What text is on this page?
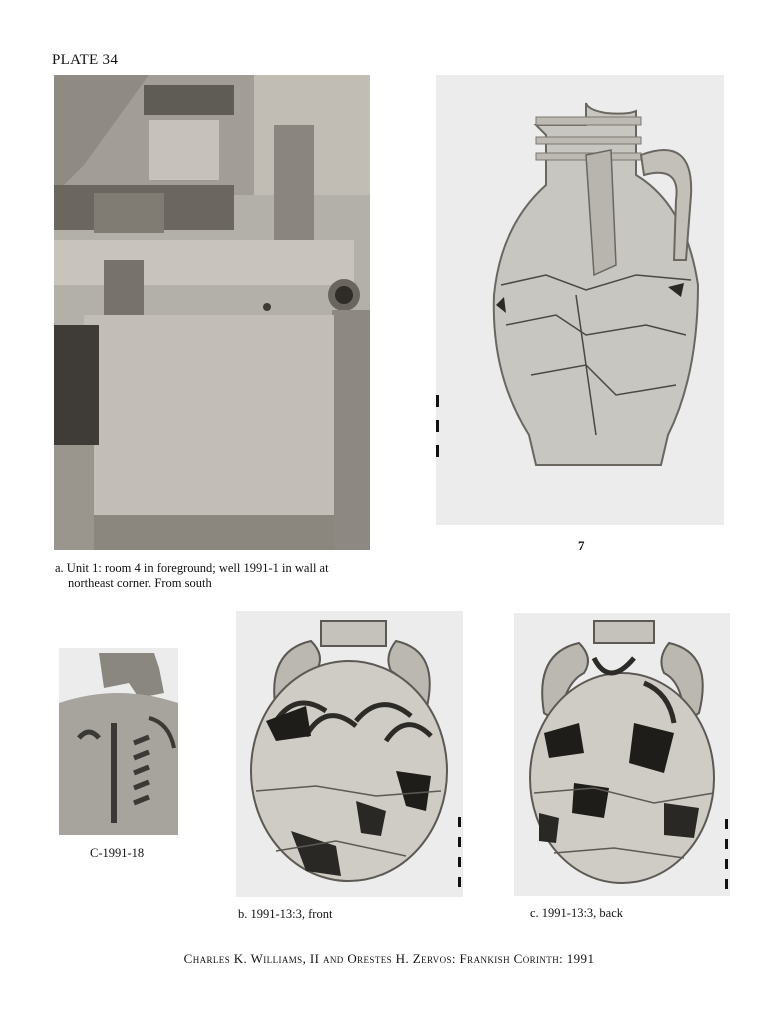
PLATE 34
7
a. Unit 1: room 4 in foreground; well 1991-1 in wall at
northeast corner. From south
C-1991-18
b. 1991-13:3, front	c. 1991-13:3, back
Charles K. Williams, II and Orestes H. Zervos: Frankish Corinth: 1991
